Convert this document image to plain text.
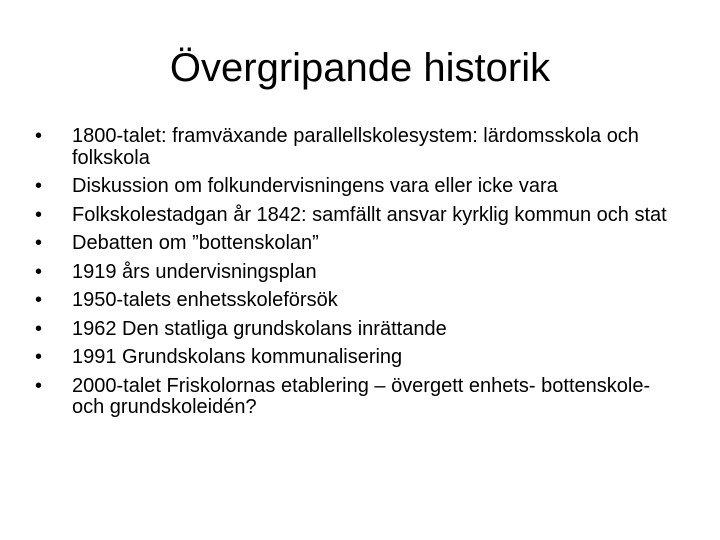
Övergripande historik
•	1800-talet: framväxande parallellskolesystem: lärdomsskola och folkskola
•	Diskussion om folkundervisningens vara eller icke vara
•	Folkskolestadgan år 1842: samfällt ansvar kyrklig kommun och stat
•	Debatten om ”bottenskolan”
•	1919 års undervisningsplan
•	1950-talets enhetsskoleförsök
•	1962 Den statliga grundskolans inrättande
•	1991 Grundskolans kommunalisering
•	2000-talet Friskolornas etablering – övergett enhets- bottenskole- och grundskoleidén?
